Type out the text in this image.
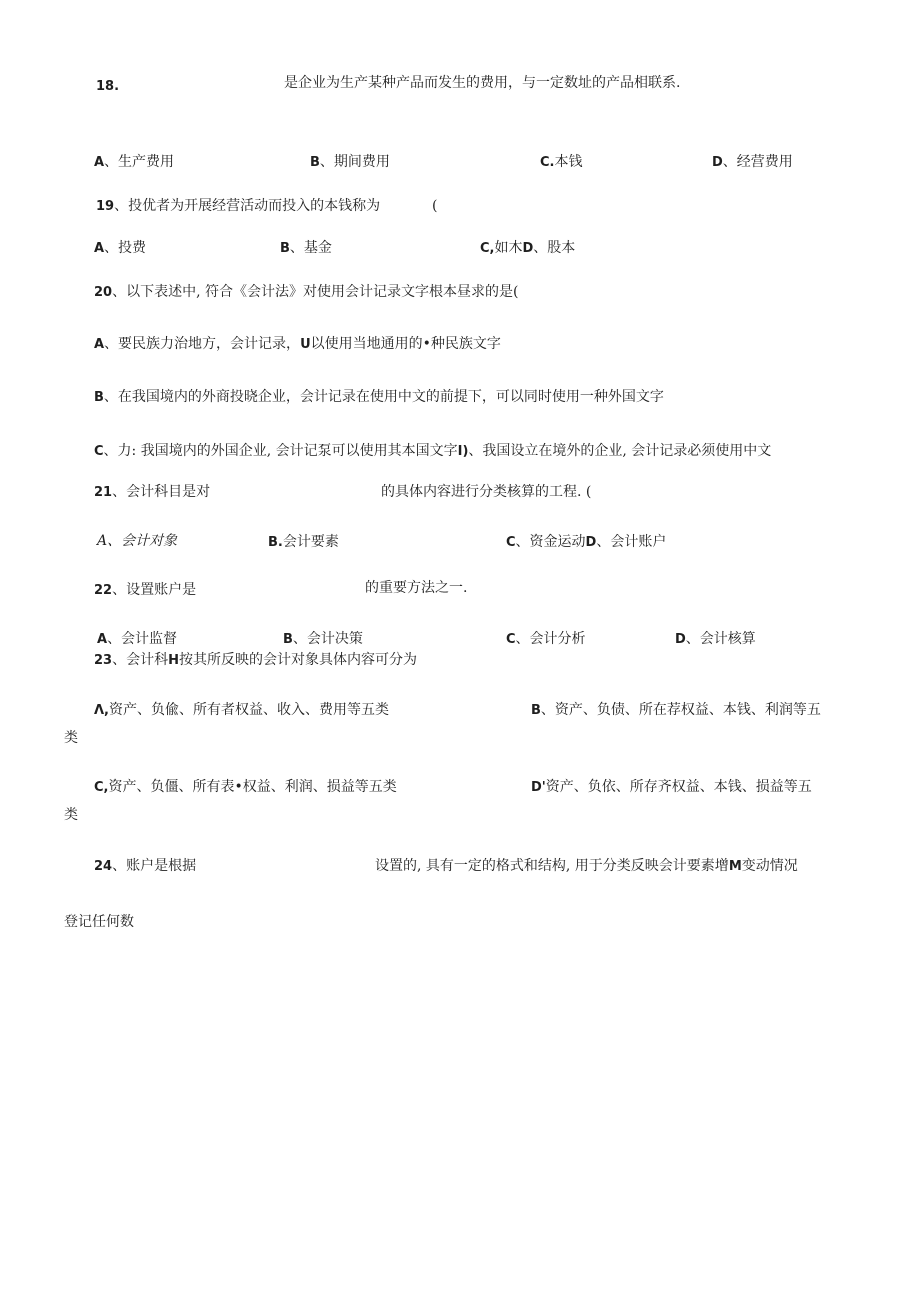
18.	是企业为生产某种产品而发生的费用，与一定数址的产品相联系.
A、生产费用	B、期间费用	C.本钱	D、经营费用
19、投优者为开展经营活动而投入的本钱称为	(
A、投费	B、基金	C,如木D、股本
20、以下表述中, 符合《会计法》对使用会计记录文字根本昼求的是(
A、要民族力治地方，会计记录，U以使用当地通用的•种民族文字
B、在我国境内的外商投晓企业，会计记录在使用中文的前提下，可以同时使用一种外国文字
C、力: 我国境内的外国企业, 会计记泵可以使用其本国文字I)、我国设立在境外的企业, 会计记录必须使用中文
21、会计科目是对	的具体内容进行分类核算的工程. (
A、会计对象	B.会计要素	C、资金运动D、会计账户
22、设置账户是	的重要方法之一.
A、会计监督	B、会计决策	C、会计分析	D、会计核算
23、会计科H按其所反映的会计对象具体内容可分为
Λ,资产、负偸、所有者权益、收入、费用等五类	B、资产、负债、所在荐权益、本钱、利润等五
类
C,资产、负僵、所有表•权益、利润、损益等五类	D'资产、负依、所存齐权益、本钱、损益等五
类
24、账户是根据	设置的, 具有一定的格式和结构, 用于分类反映会计要素增M变动情况
登记任何数
